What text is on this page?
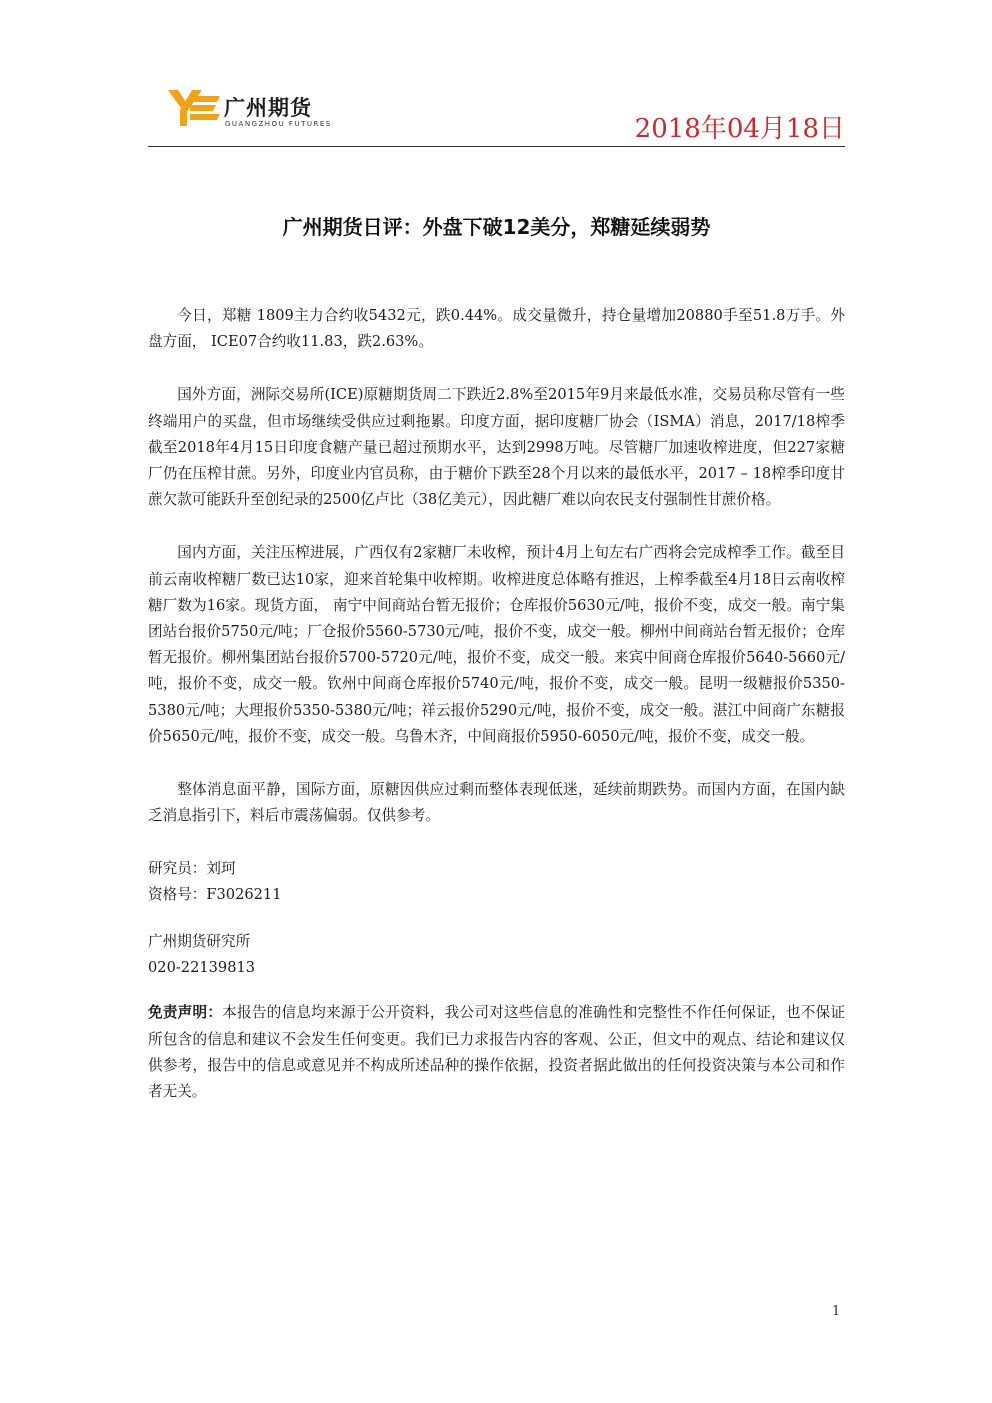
广州期货
GUANGZHOU FUTURES	2018年04月18日
广州期货日评：外盘下破12美分，郑糖延续弱势

今日，郑糖 1809主力合约收5432元，跌0.44%。成交量微升，持仓量增加20880手至51.8万手。外盘方面， ICE07合约收11.83，跌2.63%。

国外方面，洲际交易所(ICE)原糖期货周二下跌近2.8%至2015年9月来最低水准，交易员称尽管有一些终端用户的买盘，但市场继续受供应过剩拖累。印度方面，据印度糖厂协会（ISMA）消息，2017/18榨季截至2018年4月15日印度食糖产量已超过预期水平，达到2998万吨。尽管糖厂加速收榨进度，但227家糖厂仍在压榨甘蔗。另外，印度业内官员称，由于糖价下跌至28个月以来的最低水平，2017 – 18榨季印度甘蔗欠款可能跃升至创纪录的2500亿卢比（38亿美元），因此糖厂难以向农民支付强制性甘蔗价格。

国内方面，关注压榨进展，广西仅有2家糖厂未收榨，预计4月上旬左右广西将会完成榨季工作。截至目前云南收榨糖厂数已达10家，迎来首轮集中收榨期。收榨进度总体略有推迟，上榨季截至4月18日云南收榨糖厂数为16家。现货方面， 南宁中间商站台暂无报价；仓库报价5630元/吨，报价不变，成交一般。南宁集团站台报价5750元/吨；厂仓报价5560-5730元/吨，报价不变，成交一般。柳州中间商站台暂无报价；仓库暂无报价。柳州集团站台报价5700-5720元/吨，报价不变，成交一般。来宾中间商仓库报价5640-5660元/吨，报价不变，成交一般。钦州中间商仓库报价5740元/吨，报价不变，成交一般。昆明一级糖报价5350-5380元/吨；大理报价5350-5380元/吨；祥云报价5290元/吨，报价不变，成交一般。湛江中间商广东糖报价5650元/吨，报价不变，成交一般。乌鲁木齐，中间商报价5950-6050元/吨，报价不变，成交一般。

整体消息面平静，国际方面，原糖因供应过剩而整体表现低迷，延续前期跌势。而国内方面，在国内缺乏消息指引下，料后市震荡偏弱。仅供参考。

研究员：刘珂

资格号：F3026211

广州期货研究所

020-22139813

免责声明：本报告的信息均来源于公开资料，我公司对这些信息的准确性和完整性不作任何保证，也不保证所包含的信息和建议不会发生任何变更。我们已力求报告内容的客观、公正，但文中的观点、结论和建议仅供参考，报告中的信息或意见并不构成所述品种的操作依据，投资者据此做出的任何投资决策与本公司和作者无关。

1
